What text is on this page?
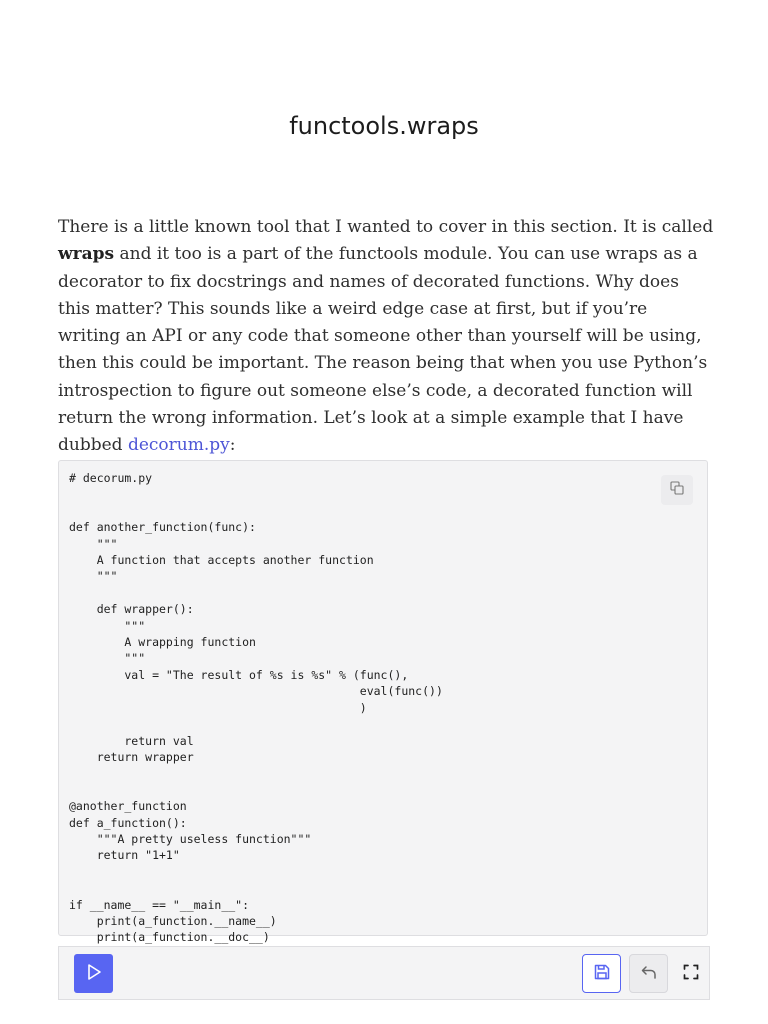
functools.wraps

There is a little known tool that I wanted to cover in this section. It is called wraps and it too is a part of the functools module. You can use wraps as a decorator to fix docstrings and names of decorated functions. Why does this matter? This sounds like a weird edge case at first, but if you’re writing an API or any code that someone other than yourself will be using, then this could be important. The reason being that when you use Python’s introspection to figure out someone else’s code, a decorated function will return the wrong information. Let’s look at a simple example that I have dubbed decorum.py:

# decorum.py

def another_function(func):
"""
A function that accepts another function
"""

def wrapper():
"""
A wrapping function
"""
val = "The result of %s is %s" % (func(),
eval(func())
)

return val
return wrapper

@another_function
def a_function():
"""A pretty useless function"""
return "1+1"

if __name__ == "__main__":
print(a_function.__name__)
print(a_function.__doc__)
